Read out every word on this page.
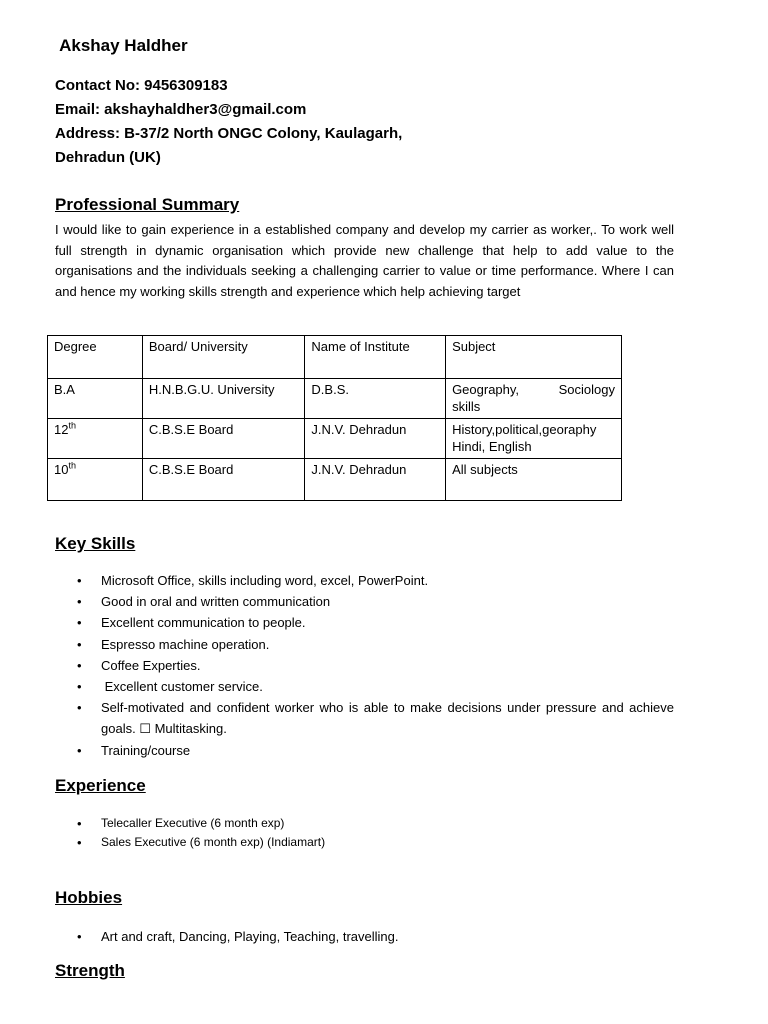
Akshay Haldher
Contact No: 9456309183
Email: akshayhaldher3@gmail.com
Address: B-37/2 North ONGC Colony, Kaulagarh,
Dehradun (UK)
Professional Summary
I would like to gain experience in a established company and develop my carrier as worker,. To work well full strength in dynamic organisation which provide new challenge that help to add value to the organisations and the individuals seeking a challenging carrier to value or time performance. Where I can and hence my working skills strength and experience which help achieving target
Degree	Board/ University	Name of Institute	Subject
B.A	H.N.B.G.U. University	D.B.S.	Geography, Sociology
skills

12th	C.B.S.E Board	J.N.V. Dehradun	History,political,georaphy
Hindi, English

10th	C.B.S.E Board	J.N.V. Dehradun	All subjects
Key Skills
• Microsoft Office, skills including word, excel, PowerPoint.
• Good in oral and written communication
• Excellent communication to people.
• Espresso machine operation.
• Coffee Experties.
• Excellent customer service.
• Self-motivated and confident worker who is able to make decisions under pressure and achieve goals. ☐ Multitasking.
• Training/course
Experience
• Telecaller Executive (6 month exp)
• Sales Executive (6 month exp) (Indiamart)
Hobbies
• Art and craft, Dancing, Playing, Teaching, travelling.
Strength
